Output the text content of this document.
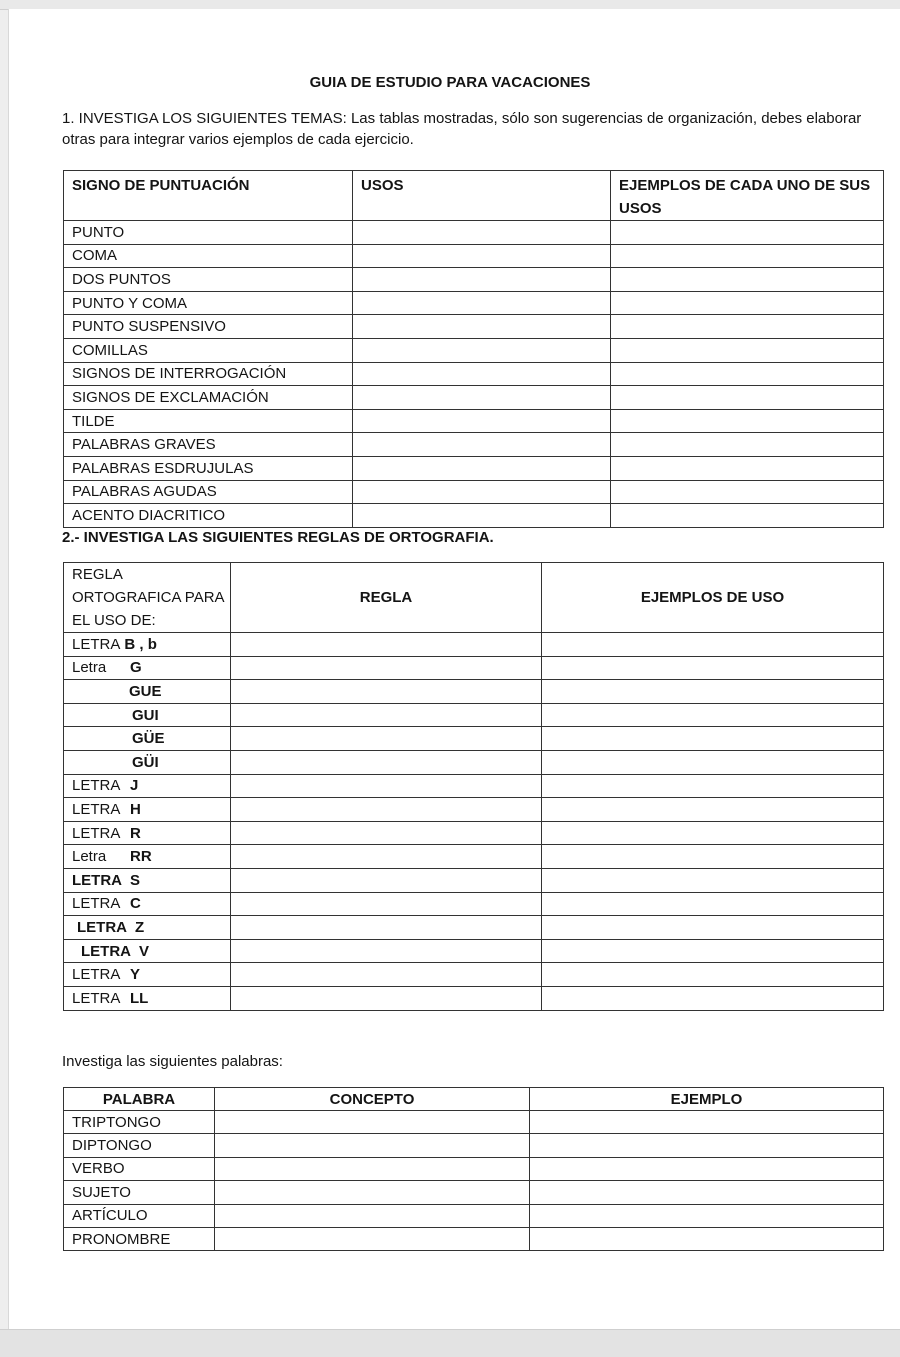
GUIA DE ESTUDIO PARA VACACIONES
1. INVESTIGA LOS SIGUIENTES TEMAS: Las tablas mostradas, sólo son sugerencias de organización, debes elaborar otras para integrar varios ejemplos de cada ejercicio.
SIGNO DE PUNTUACIÓN	USOS	EJEMPLOS DE CADA UNO DE SUS USOS
PUNTO		
COMA		
DOS PUNTOS		
PUNTO Y COMA		
PUNTO SUSPENSIVO		
COMILLAS		
SIGNOS DE INTERROGACIÓN		
SIGNOS DE EXCLAMACIÓN		
TILDE		
PALABRAS GRAVES		
PALABRAS ESDRUJULAS		
PALABRAS AGUDAS		
ACENTO DIACRITICO		
2.- INVESTIGA LAS SIGUIENTES REGLAS DE ORTOGRAFIA.
REGLA ORTOGRAFICA PARA EL USO DE:	REGLA	EJEMPLOS DE USO
LETRA B , b		
Letra G		
GUE		
GUI		
GÜE		
GÜI		
LETRA J		
LETRA H		
LETRA R		
Letra RR		
LETRA S		
LETRA C		
LETRA Z		
LETRA V		
LETRA Y		
LETRA LL		
Investiga las siguientes palabras:
PALABRA	CONCEPTO	EJEMPLO
TRIPTONGO		
DIPTONGO		
VERBO		
SUJETO		
ARTÍCULO		
PRONOMBRE		
